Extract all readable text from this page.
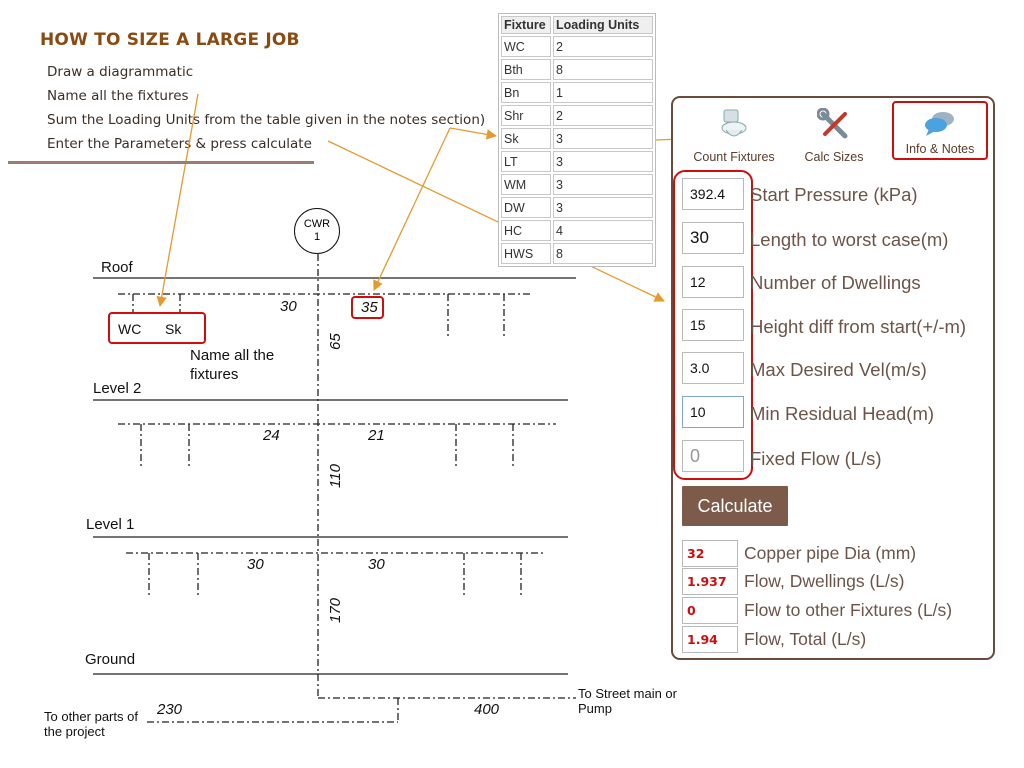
HOW TO SIZE A LARGE JOB
Draw a diagrammatic
Name all the fixtures
Sum the Loading Units from the table given in the notes section)
Enter the Parameters & press calculate
CWR
1
Roof
Level 2
Level 1
Ground
WC Sk
Name all the fixtures
30	35
24	21
30	30
65
110
170
230	400
To other parts of the project
To Street main or Pump
Fixture	Loading Units
WC	2
Bth	8
Bn	1
Shr	2
Sk	3
LT	3
WM	3
DW	3
HC	4
HWS	8
Count Fixtures	Calc Sizes
Info & Notes
392.4	Start Pressure (kPa)
30	Length to worst case(m)
12	Number of Dwellings
15	Height diff from start(+/-m)
3.0	Max Desired Vel(m/s)
10	Min Residual Head(m)
0	Fixed Flow (L/s)
Calculate
32	Copper pipe Dia (mm)
1.937 Flow, Dwellings (L/s)
0	Flow to other Fixtures (L/s)
1.94	Flow, Total (L/s)
